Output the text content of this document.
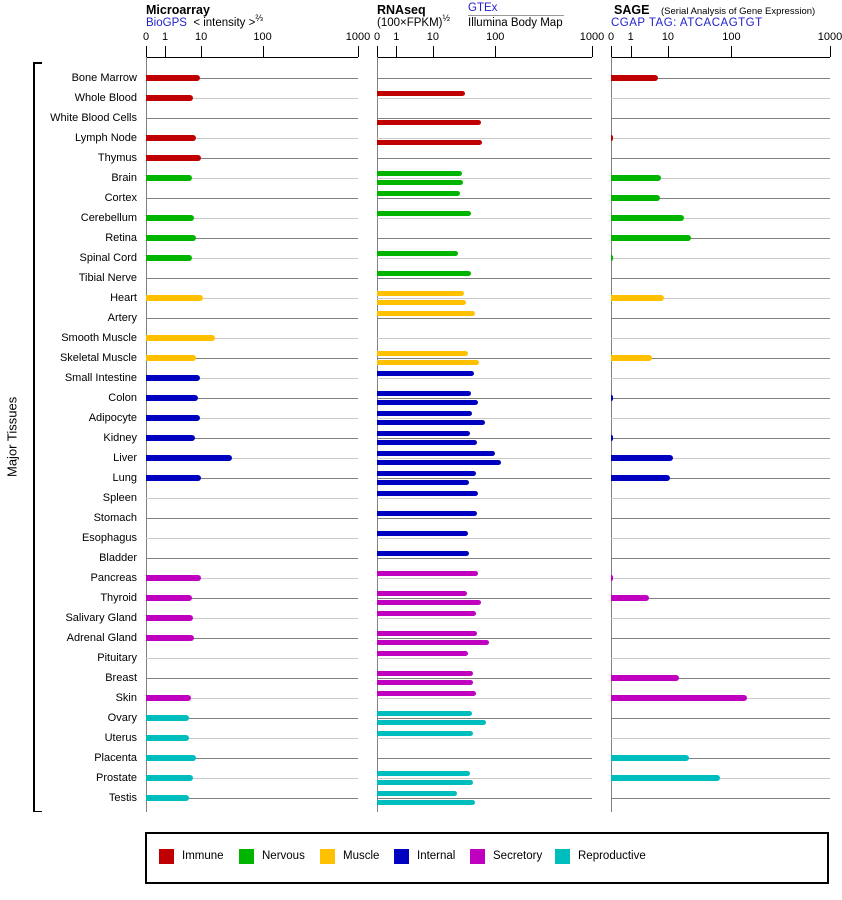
Microarray
BioGPS < intensity >$^{\frac{2}{3}}$
RNAseq
(100×FPKM)$^{\frac{1}{2}}$
GTEx
Illumina Body Map
SAGE (Serial Analysis of Gene Expression)
CGAP TAG: ATCACAGTGT
Major Tissues
0 1 10	100	1000 0 1 10	100	1000 0 1	10	100	1000
Bone Marrow
Whole Blood
White Blood Cells
Lymph Node
Thymus
Brain
Cortex
Cerebellum
Retina
Spinal Cord
Tibial Nerve
Heart
Artery
Smooth Muscle
Skeletal Muscle
Small Intestine
Colon
Adipocyte
Kidney
Liver
Lung
Spleen
Stomach
Esophagus
Bladder
Pancreas
Thyroid
Salivary Gland
Adrenal Gland
Pituitary
Breast
Skin
Ovary
Uterus
Placenta
Prostate
Testis
Immune	Nervous	Muscle	Internal	Secretory	Reproductive
